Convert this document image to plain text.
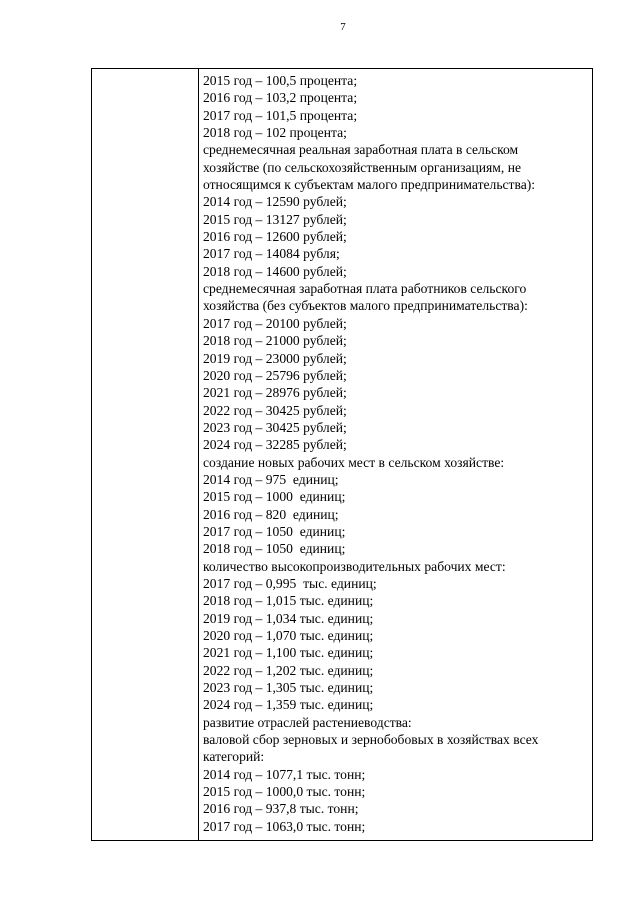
7
2015 год – 100,5 процента;
2016 год – 103,2 процента;
2017 год – 101,5 процента;
2018 год – 102 процента;
среднемесячная реальная заработная плата в сельском
хозяйстве (по сельскохозяйственным организациям, не
относящимся к субъектам малого предпринимательства):
2014 год – 12590 рублей;
2015 год – 13127 рублей;
2016 год – 12600 рублей;
2017 год – 14084 рубля;
2018 год – 14600 рублей;
среднемесячная заработная плата работников сельского
хозяйства (без субъектов малого предпринимательства):
2017 год – 20100 рублей;
2018 год – 21000 рублей;
2019 год – 23000 рублей;
2020 год – 25796 рублей;
2021 год – 28976 рублей;
2022 год – 30425 рублей;
2023 год – 30425 рублей;
2024 год – 32285 рублей;
создание новых рабочих мест в сельском хозяйстве:
2014 год – 975  единиц;
2015 год – 1000  единиц;
2016 год – 820  единиц;
2017 год – 1050  единиц;
2018 год – 1050  единиц;
количество высокопроизводительных рабочих мест:
2017 год – 0,995  тыс. единиц;
2018 год – 1,015 тыс. единиц;
2019 год – 1,034 тыс. единиц;
2020 год – 1,070 тыс. единиц;
2021 год – 1,100 тыс. единиц;
2022 год – 1,202 тыс. единиц;
2023 год – 1,305 тыс. единиц;
2024 год – 1,359 тыс. единиц;
развитие отраслей растениеводства:
валовой сбор зерновых и зернобобовых в хозяйствах всех
категорий:
2014 год – 1077,1 тыс. тонн;
2015 год – 1000,0 тыс. тонн;
2016 год – 937,8 тыс. тонн;
2017 год – 1063,0 тыс. тонн;
